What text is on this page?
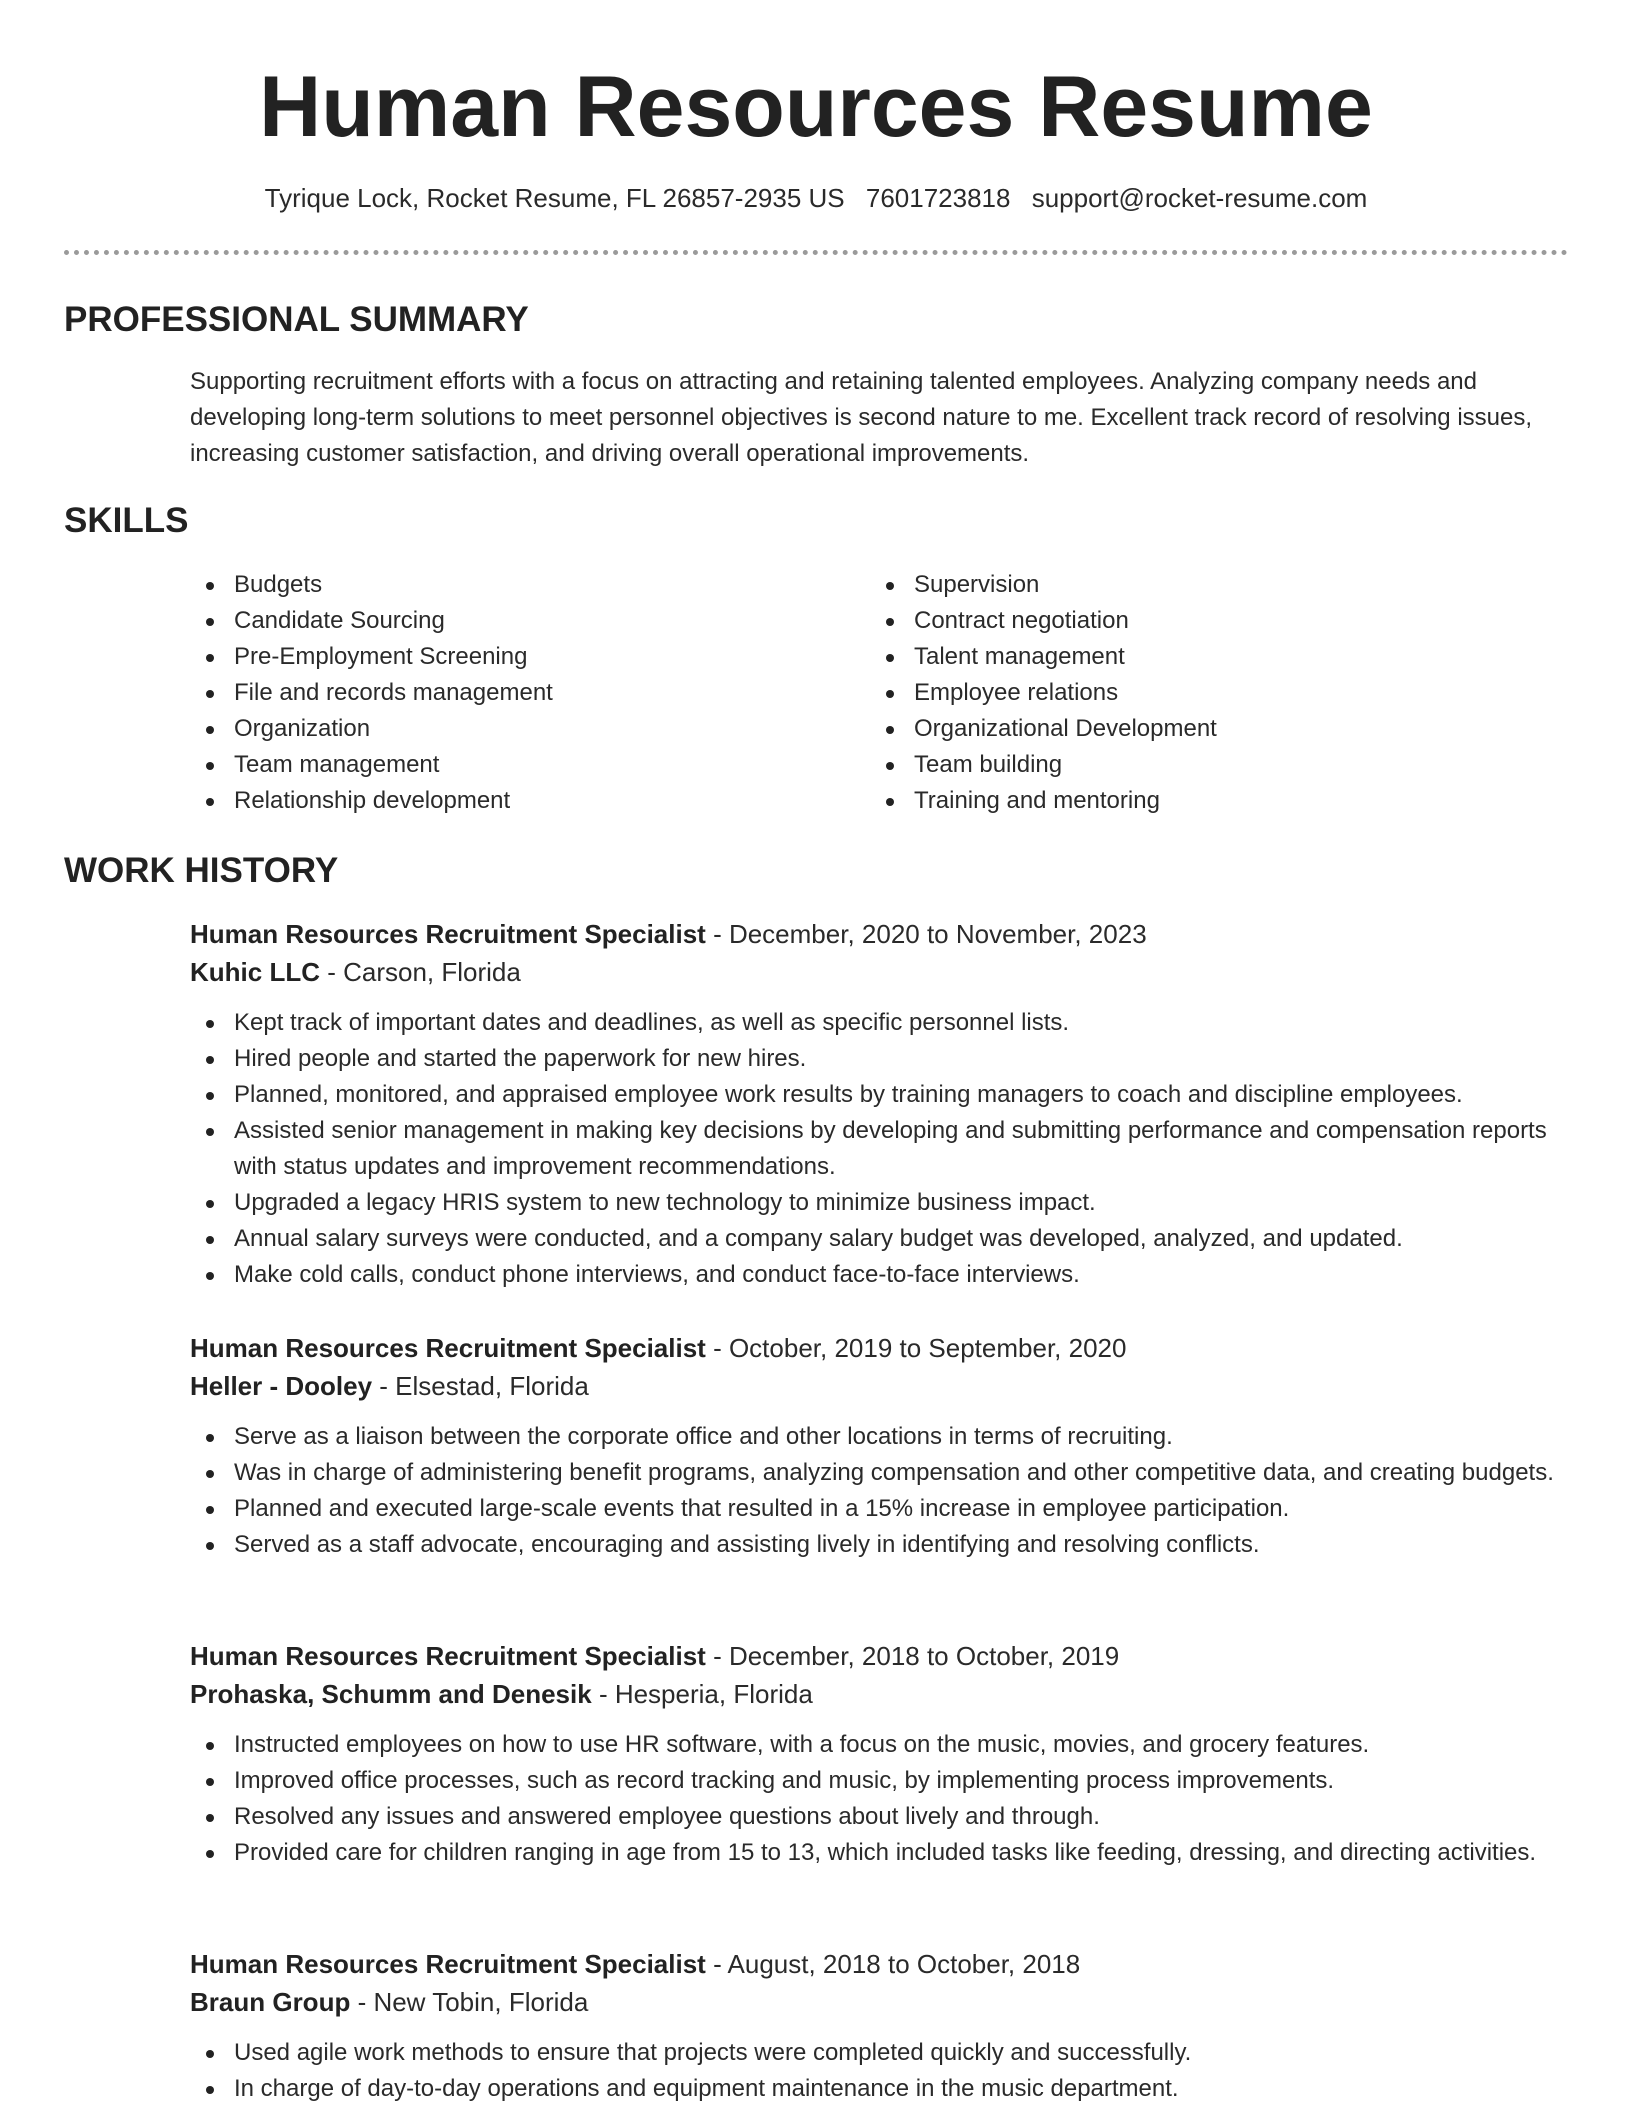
Human Resources Resume
Tyrique Lock, Rocket Resume, FL 26857-2935 US 7601723818 support@rocket-resume.com
PROFESSIONAL SUMMARY

Supporting recruitment efforts with a focus on attracting and retaining talented employees. Analyzing company needs and developing long-term solutions to meet personnel objectives is second nature to me. Excellent track record of resolving issues, increasing customer satisfaction, and driving overall operational improvements.

SKILLS
Budgets
Candidate Sourcing
Pre-Employment Screening
File and records management
Organization
Team management
Relationship development
Supervision
Contract negotiation
Talent management
Employee relations
Organizational Development
Team building
Training and mentoring
WORK HISTORY

Human Resources Recruitment Specialist - December, 2020 to November, 2023

Kuhic LLC - Carson, Florida

Kept track of important dates and deadlines, as well as specific personnel lists.
Hired people and started the paperwork for new hires.
Planned, monitored, and appraised employee work results by training managers to coach and discipline employees.
Assisted senior management in making key decisions by developing and submitting performance and compensation reports with status updates and improvement recommendations.
Upgraded a legacy HRIS system to new technology to minimize business impact.
Annual salary surveys were conducted, and a company salary budget was developed, analyzed, and updated.
Make cold calls, conduct phone interviews, and conduct face-to-face interviews.

Human Resources Recruitment Specialist - October, 2019 to September, 2020

Heller - Dooley - Elsestad, Florida

Serve as a liaison between the corporate office and other locations in terms of recruiting.
Was in charge of administering benefit programs, analyzing compensation and other competitive data, and creating budgets.
Planned and executed large-scale events that resulted in a 15% increase in employee participation.
Served as a staff advocate, encouraging and assisting lively in identifying and resolving conflicts.

Human Resources Recruitment Specialist - December, 2018 to October, 2019

Prohaska, Schumm and Denesik - Hesperia, Florida

Instructed employees on how to use HR software, with a focus on the music, movies, and grocery features.
Improved office processes, such as record tracking and music, by implementing process improvements.
Resolved any issues and answered employee questions about lively and through.
Provided care for children ranging in age from 15 to 13, which included tasks like feeding, dressing, and directing activities.

Human Resources Recruitment Specialist - August, 2018 to October, 2018

Braun Group - New Tobin, Florida

Used agile work methods to ensure that projects were completed quickly and successfully.
In charge of day-to-day operations and equipment maintenance in the music department.
